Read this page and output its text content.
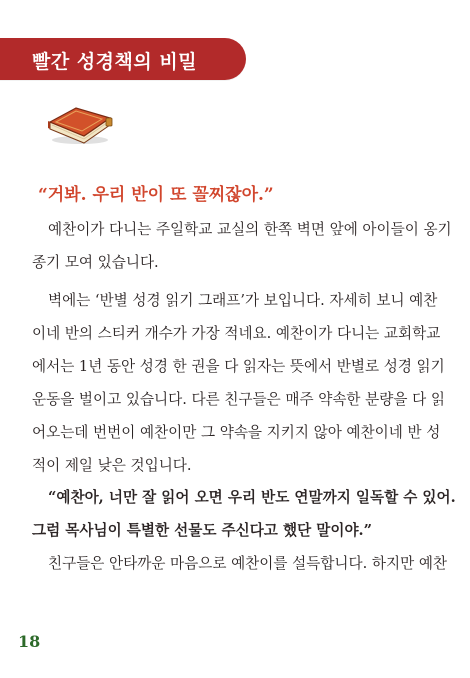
빨간 성경책의 비밀
“거봐. 우리 반이 또 꼴찌잖아.”
예찬이가 다니는 주일학교 교실의 한쪽 벽면 앞에 아이들이 옹기
종기 모여 있습니다.
벽에는 ‘반별 성경 읽기 그래프’가 보입니다. 자세히 보니 예찬
이네 반의 스티커 개수가 가장 적네요. 예찬이가 다니는 교회학교
에서는 1년 동안 성경 한 권을 다 읽자는 뜻에서 반별로 성경 읽기
운동을 벌이고 있습니다. 다른 친구들은 매주 약속한 분량을 다 읽
어오는데 번번이 예찬이만 그 약속을 지키지 않아 예찬이네 반 성
적이 제일 낮은 것입니다.
“예찬아, 너만 잘 읽어 오면 우리 반도 연말까지 일독할 수 있어.
그럼 목사님이 특별한 선물도 주신다고 했단 말이야.”
친구들은 안타까운 마음으로 예찬이를 설득합니다. 하지만 예찬
18
